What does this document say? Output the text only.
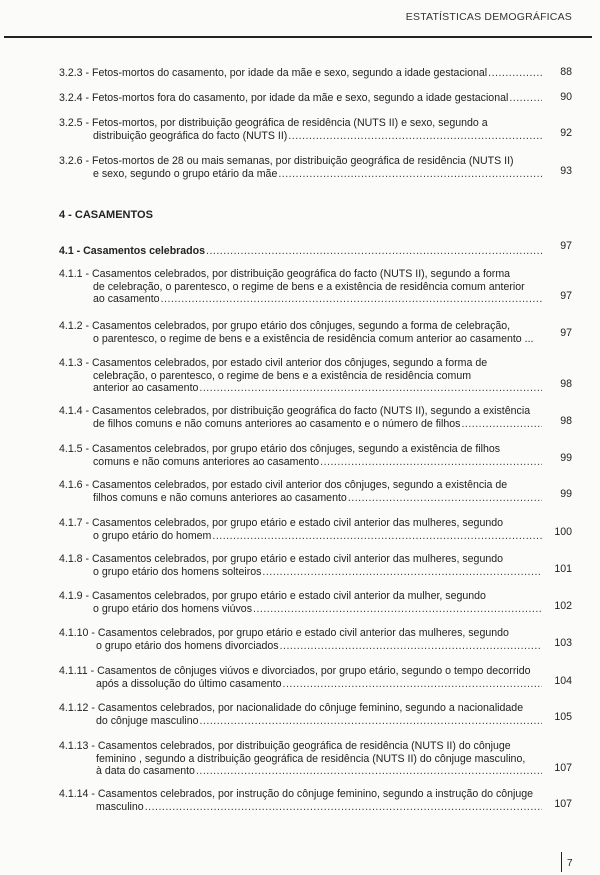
ESTATÍSTICAS DEMOGRÁFICAS
3.2.3 - Fetos-mortos do casamento, por idade da mãe e sexo, segundo a idade gestacional .....	88
3.2.4 - Fetos-mortos fora do casamento, por idade da mãe e sexo, segundo a idade gestacional .....	90
3.2.5 - Fetos-mortos, por distribuição geográfica de residência (NUTS II) e sexo, segundo a
distribuição geográfica do facto (NUTS II) .....	92
3.2.6 - Fetos-mortos de 28 ou mais semanas, por distribuição geográfica de residência (NUTS II)
e sexo, segundo o grupo etário da mãe .....	93
4 - CASAMENTOS
4.1 - Casamentos celebrados .....	97
4.1.1 - Casamentos celebrados, por distribuição geográfica do facto (NUTS II), segundo a forma
de celebração, o parentesco, o regime de bens e a existência de residência comum anterior
ao casamento .....	97
4.1.2 - Casamentos celebrados, por grupo etário dos cônjuges, segundo a forma de celebração,
o parentesco, o regime de bens e a existência de residência comum anterior ao casamento ...	97
4.1.3 - Casamentos celebrados, por estado civil anterior dos cônjuges, segundo a forma de
celebração, o parentesco, o regime de bens e a existência de residência comum
anterior ao casamento .....	98
4.1.4 - Casamentos celebrados, por distribuição geográfica do facto (NUTS II), segundo a existência
de filhos comuns e não comuns anteriores ao casamento e o número de filhos .....	98
4.1.5 - Casamentos celebrados, por grupo etário dos cônjuges, segundo a existência de filhos
comuns e não comuns anteriores ao casamento .....	99
4.1.6 - Casamentos celebrados, por estado civil anterior dos cônjuges, segundo a existência de
filhos comuns e não comuns anteriores ao casamento .....	99
4.1.7 - Casamentos celebrados, por grupo etário e estado civil anterior das mulheres, segundo
o grupo etário do homem .....	100
4.1.8 - Casamentos celebrados, por grupo etário e estado civil anterior das mulheres, segundo
o grupo etário dos homens solteiros .....	101
4.1.9 - Casamentos celebrados, por grupo etário e estado civil anterior da mulher, segundo
o grupo etário dos homens viúvos .....	102
4.1.10 - Casamentos celebrados, por grupo etário e estado civil anterior das mulheres, segundo
o grupo etário dos homens divorciados .....	103
4.1.11 - Casamentos de cônjuges viúvos e divorciados, por grupo etário, segundo o tempo decorrido
após a dissolução do último casamento .....	104
4.1.12 - Casamentos celebrados, por nacionalidade do cônjuge feminino, segundo a nacionalidade
do cônjuge masculino .....	105
4.1.13 - Casamentos celebrados, por distribuição geográfica de residência (NUTS II) do cônjuge
feminino , segundo a distribuição geográfica de residência (NUTS II) do cônjuge masculino,
à data do casamento .....	107
4.1.14 - Casamentos celebrados, por instrução do cônjuge feminino, segundo a instrução do cônjuge
masculino .....	107
7
